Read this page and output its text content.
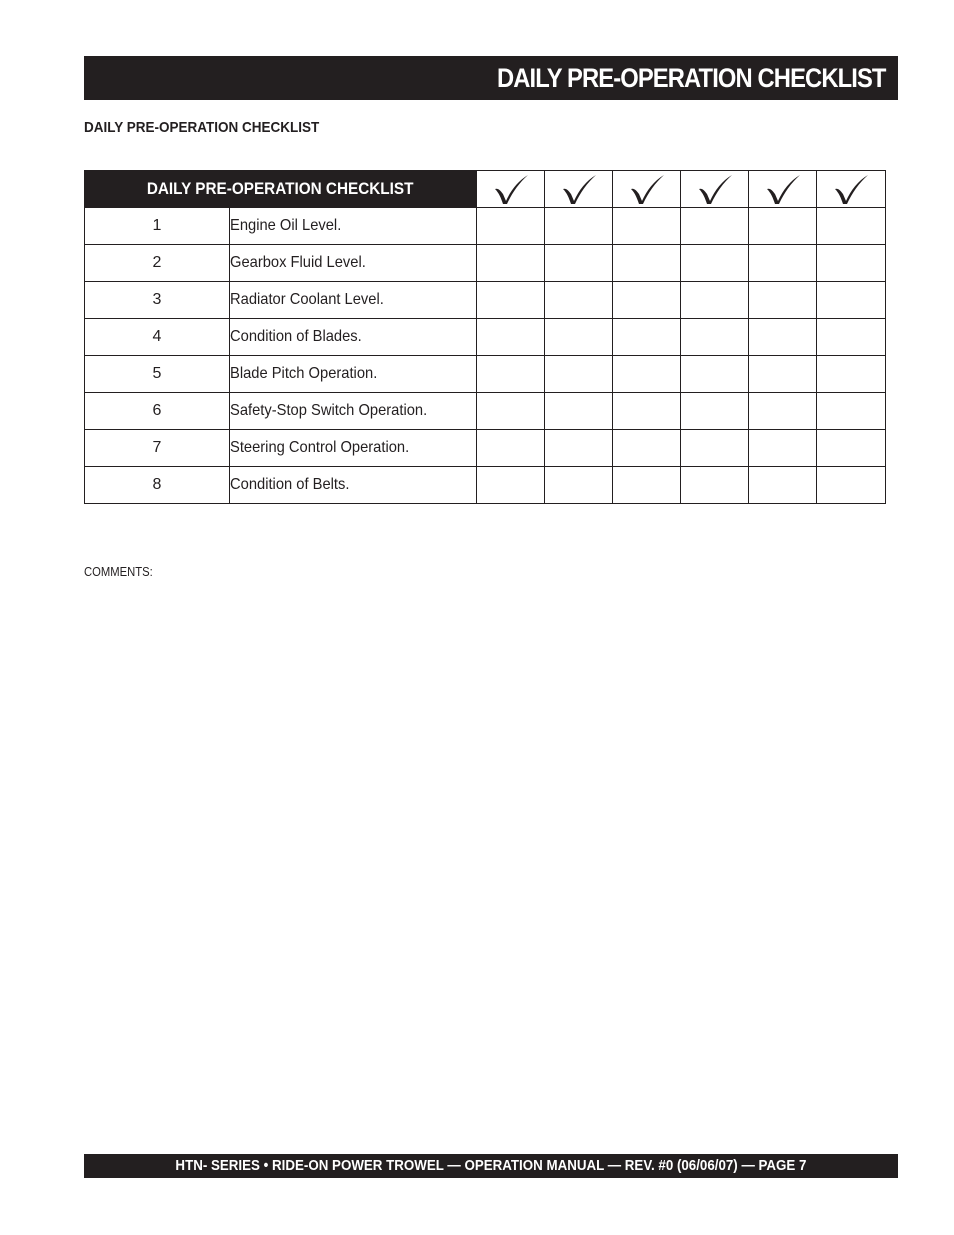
DAILY PRE-OPERATION CHECKLIST
DAILY PRE-OPERATION CHECKLIST
DAILY PRE-OPERATION CHECKLIST	

1	Engine Oil Level.						
2	Gearbox Fluid Level.						
3	Radiator Coolant Level.						
4	Condition of Blades.						
5	Blade Pitch Operation.						
6	Safety-Stop Switch Operation.						
7	Steering Control Operation.						
8	Condition of Belts.						
COMMENTS:
HTN- SERIES • RIDE-ON POWER TROWEL — OPERATION MANUAL — REV. #0 (06/06/07) — PAGE 7
